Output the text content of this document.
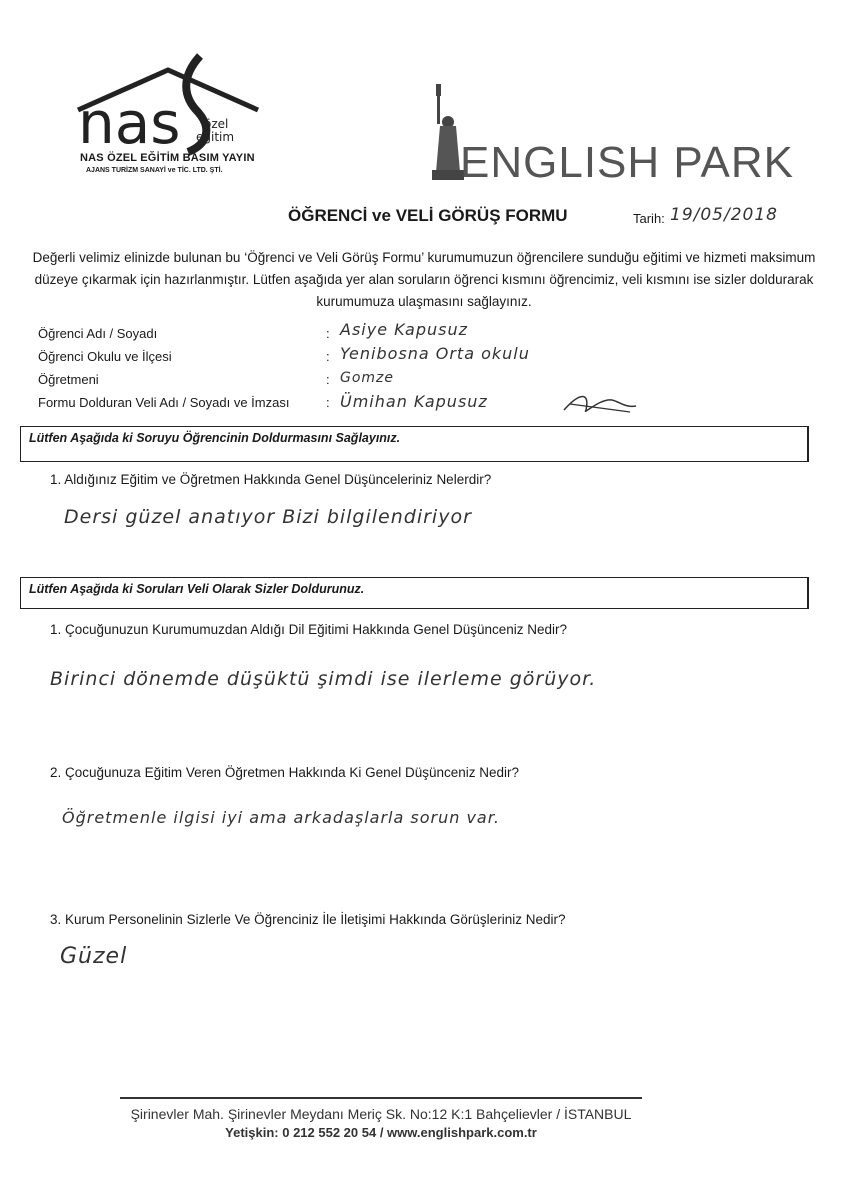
nas özel
eğitim
NAS ÖZEL EĞİTİM BASIM YAYIN
AJANS TURİZM SANAYİ ve TİC. LTD. ŞTİ.	ENGLISH PARK
ÖĞRENCİ ve VELİ GÖRÜŞ FORMU	Tarih: 19/05/2018
Değerli velimiz elinizde bulunan bu ‘Öğrenci ve Veli Görüş Formu’ kurumumuzun öğrencilere sunduğu eğitimi ve hizmeti maksimum düzeye çıkarmak için hazırlanmıştır. Lütfen aşağıda yer alan soruların öğrenci kısmını öğrencimiz, veli kısmını ise sizler doldurarak kurumumuza ulaşmasını sağlayınız.
Öğrenci Adı / Soyadı	: Asiye Kapusuz
Öğrenci Okulu ve İlçesi	: Yenibosna Orta okulu
Öğretmeni	: Gomze
Formu Dolduran Veli Adı / Soyadı ve İmzası	: Ümihan Kapusuz
Lütfen Aşağıda ki Soruyu Öğrencinin Doldurmasını Sağlayınız.
1. Aldığınız Eğitim ve Öğretmen Hakkında Genel Düşünceleriniz Nelerdir?
Dersi güzel anatıyor Bizi bilgilendiriyor
Lütfen Aşağıda ki Soruları Veli Olarak Sizler Doldurunuz.
1. Çocuğunuzun Kurumumuzdan Aldığı Dil Eğitimi Hakkında Genel Düşünceniz Nedir?
Birinci dönemde düşüktü şimdi ise ilerleme görüyor.
2. Çocuğunuza Eğitim Veren Öğretmen Hakkında Ki Genel Düşünceniz Nedir?
Öğretmenle ilgisi iyi ama arkadaşlarla sorun var.
3. Kurum Personelinin Sizlerle Ve Öğrenciniz İle İletişimi Hakkında Görüşleriniz Nedir?
Güzel
Şirinevler Mah. Şirinevler Meydanı Meriç Sk. No:12 K:1 Bahçelievler / İSTANBUL
Yetişkin: 0 212 552 20 54 / www.englishpark.com.tr
